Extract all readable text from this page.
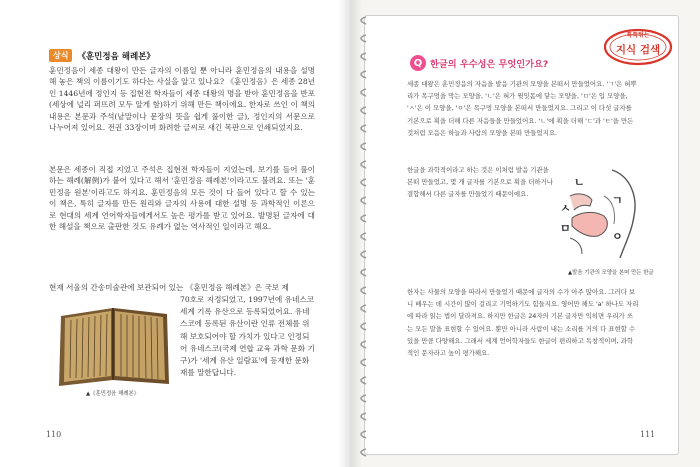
상식	《훈민정음 해례본》

훈민정음이 세종 대왕이 만든 글자의 이름일 뿐 아니라 훈민정음의 내용을 설명해 놓은 책의 이름이기도 하다는 사실을 알고 있나요? 《훈민정음》은 세종 28년인 1446년에 정인지 등 집현전 학자들이 세종 대왕의 명을 받아 훈민정음을 반포(세상에 널리 퍼뜨려 모두 알게 함)하기 위해 만든 책이에요. 한자로 쓰인 이 책의 내용은 본문과 주석(낱말이나 문장의 뜻을 쉽게 풀이한 글), 정인지의 서문으로 나누어져 있어요. 전권 33장이며 화려한 글씨로 새긴 목판으로 인쇄되었지요.

본문은 세종이 직접 지었고 주석은 집현전 학자들이 지었는데, 보기를 들어 풀이하는 해례(解例)가 붙어 있다고 해서 '훈민정음 해례본'이라고도 불려요. 또는 '훈민정음 원본'이라고도 하지요. 훈민정음의 모든 것이 다 들어 있다고 할 수 있는 이 책은, 특히 글자를 만든 원리와 글자의 사용에 대한 설명 등 과학적인 이론으로 현대의 세계 언어학자들에게서도 높은 평가를 받고 있어요. 발명된 글자에 대한 해설을 책으로 출판한 것도 유례가 없는 역사적인 일이라고 해요.

현재 서울의 간송미술관에 보관되어 있는 《훈민정음 해례본》은 국보 제

70호로 지정되었고, 1997년에 유네스코 세계 기록 유산으로 등록되었어요. 유네스코에 등록된 유산이란 인류 전체를 위해 보호되어야 할 가치가 있다고 인정되어 유네스코(국제 연합 교육 과학 문화 기구)가 '세계 유산 일람표'에 등재한 문화재를 말한답니다.

▲《훈민정음 해례본》
110
톡톡튀는
지식 검색
Q 한글의 우수성은 무엇인가요?

세종 대왕은 훈민정음의 자음을 발음 기관의 모양을 본떠서 만들었어요. 'ㄱ'은 혀뿌리가 목구멍을 막는 모양을, 'ㄴ'은 혀가 윗잇몸에 닿는 모양을, 'ㅁ'은 입 모양을, 'ㅅ'은 이 모양을, 'ㅇ'은 목구멍 모양을 본떠서 만들었지요. 그리고 이 다섯 글자를 기본으로 획을 더해 다른 자음들을 만들었어요. 'ㄴ'에 획을 더해 'ㄷ'과 'ㅌ'을 만든 것처럼 모음은 하늘과 사람의 모양을 본떠 만들었지요.

한글을 과학적이라고 하는 것은 이처럼 발음 기관을 본떠 만들었고, 몇 개 글자를 기본으로 획을 더하거나 결합해서 다른 글자를 만들었기 때문이에요.

한자는 사물의 모양을 따라서 만들었기 때문에 글자의 수가 아주 많아요. 그러다 보니 배우는 데 시간이 많이 걸리고 기억하기도 힘들지요. 영어만 해도 'a' 하나도 자리에 따라 읽는 법이 달라져요. 하지만 한글은 24자의 기본 글자만 익히면 우리가 쓰는 모든 말을 표현할 수 있어요. 뿐만 아니라 사람이 내는 소리를 거의 다 표현할 수 있을 만큼 다양해요. 그래서 세계 언어학자들도 한글이 편리하고 독창적이며, 과학적인 문자라고 높이 평가해요.

ㄴ
ㄱ
ㅅ
ㅁ
ㅇ
▲발음 기관의 모양을 본떠 만든 한글
111
